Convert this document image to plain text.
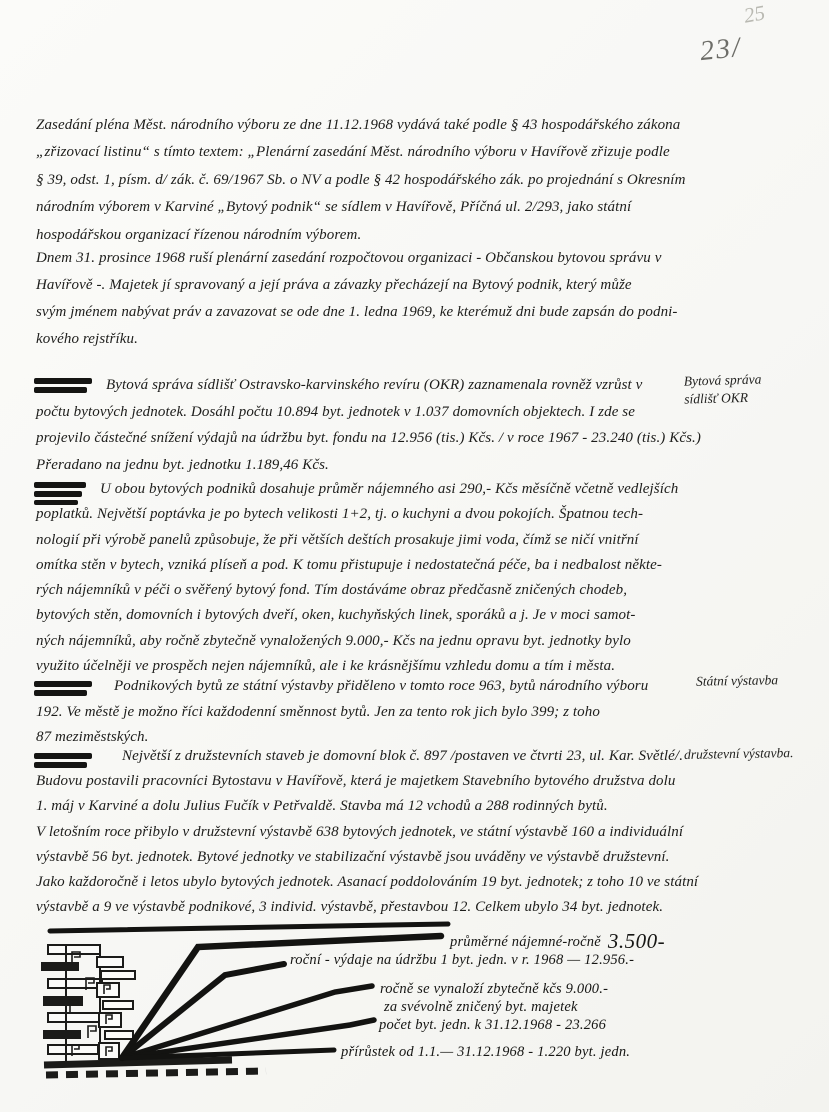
25
23/
Zasedání pléna Měst. národního výboru ze dne 11.12.1968 vydává také podle § 43 hospodářského zákona
„zřizovací listinu“ s tímto textem: „Plenární zasedání Měst. národního výboru v Havířově zřizuje podle
§ 39, odst. 1, písm. d/ zák. č. 69/1967 Sb. o NV a podle § 42 hospodářského zák. po projednání s Okresním
národním výborem v Karviné „Bytový podnik“ se sídlem v Havířově, Příčná ul. 2/293, jako státní
hospodářskou organizací řízenou národním výborem.
Dnem 31. prosince 1968 ruší plenární zasedání rozpočtovou organizaci - Občanskou bytovou správu v
Havířově -. Majetek jí spravovaný a její práva a závazky přecházejí na Bytový podnik, který může
svým jménem nabývat práv a zavazovat se ode dne 1. ledna 1969, ke kterémuž dni bude zapsán do podni-
kového rejstříku.
Bytová správa sídlišť Ostravsko-karvinského revíru (OKR) zaznamenala rovněž vzrůst v
počtu bytových jednotek. Dosáhl počtu 10.894 byt. jednotek v 1.037 domovních objektech. I zde se
projevilo částečné snížení výdajů na údržbu byt. fondu na 12.956 (tis.) Kčs. / v roce 1967 - 23.240 (tis.) Kčs.)
Přeradano na jednu byt. jednotku 1.189,46 Kčs.
Bytová správa
sídlišť OKR
U obou bytových podniků dosahuje průměr nájemného asi 290,- Kčs měsíčně včetně vedlejších
poplatků. Největší poptávka je po bytech velikosti 1+2, tj. o kuchyni a dvou pokojích. Špatnou tech-
nologií při výrobě panelů způsobuje, že při větších deštích prosakuje jimi voda, čímž se ničí vnitřní
omítka stěn v bytech, vzniká plíseň a pod. K tomu přistupuje i nedostatečná péče, ba i nedbalost někte-
rých nájemníků v péči o svěřený bytový fond. Tím dostáváme obraz předčasně zničených chodeb,
bytových stěn, domovních i bytových dveří, oken, kuchyňských linek, sporáků a j. Je v moci samot-
ných nájemníků, aby ročně zbytečně vynaložených 9.000,- Kčs na jednu opravu byt. jednotky bylo
využito účelněji ve prospěch nejen nájemníků, ale i ke krásnějšímu vzhledu domu a tím i města.
Podnikových bytů ze státní výstavby přiděleno v tomto roce 963, bytů národního výboru
192. Ve městě je možno říci každodenní směnnost bytů. Jen za tento rok jich bylo 399; z toho
87 meziměstských.
Státní výstavba
Největší z družstevních staveb je domovní blok č. 897 /postaven ve čtvrti 23, ul. Kar. Světlé/.
Budovu postavili pracovníci Bytostavu v Havířově, která je majetkem Stavebního bytového družstva dolu
1. máj v Karviné a dolu Julius Fučík v Petřvaldě. Stavba má 12 vchodů a 288 rodinných bytů.
V letošním roce přibylo v družstevní výstavbě 638 bytových jednotek, ve státní výstavbě 160 a individuální
výstavbě 56 byt. jednotek. Bytové jednotky ve stabilizační výstavbě jsou uváděny ve výstavbě družstevní.
Jako každoročně i letos ubylo bytových jednotek. Asanací poddolováním 19 byt. jednotek; z toho 10 ve státní
výstavbě a 9 ve výstavbě podnikové, 3 individ. výstavbě, přestavbou 12. Celkem ubylo 34 byt. jednotek.
družstevní výstavba.
průměrné nájemné-ročně 3.500-
roční - výdaje na údržbu 1 byt. jedn. v r. 1968 — 12.956.-
ročně se vynaloží zbytečně kčs 9.000.-
za svévolně zničený byt. majetek
počet byt. jedn. k 31.12.1968 - 23.266
přírůstek od 1.1.— 31.12.1968 - 1.220 byt. jedn.
